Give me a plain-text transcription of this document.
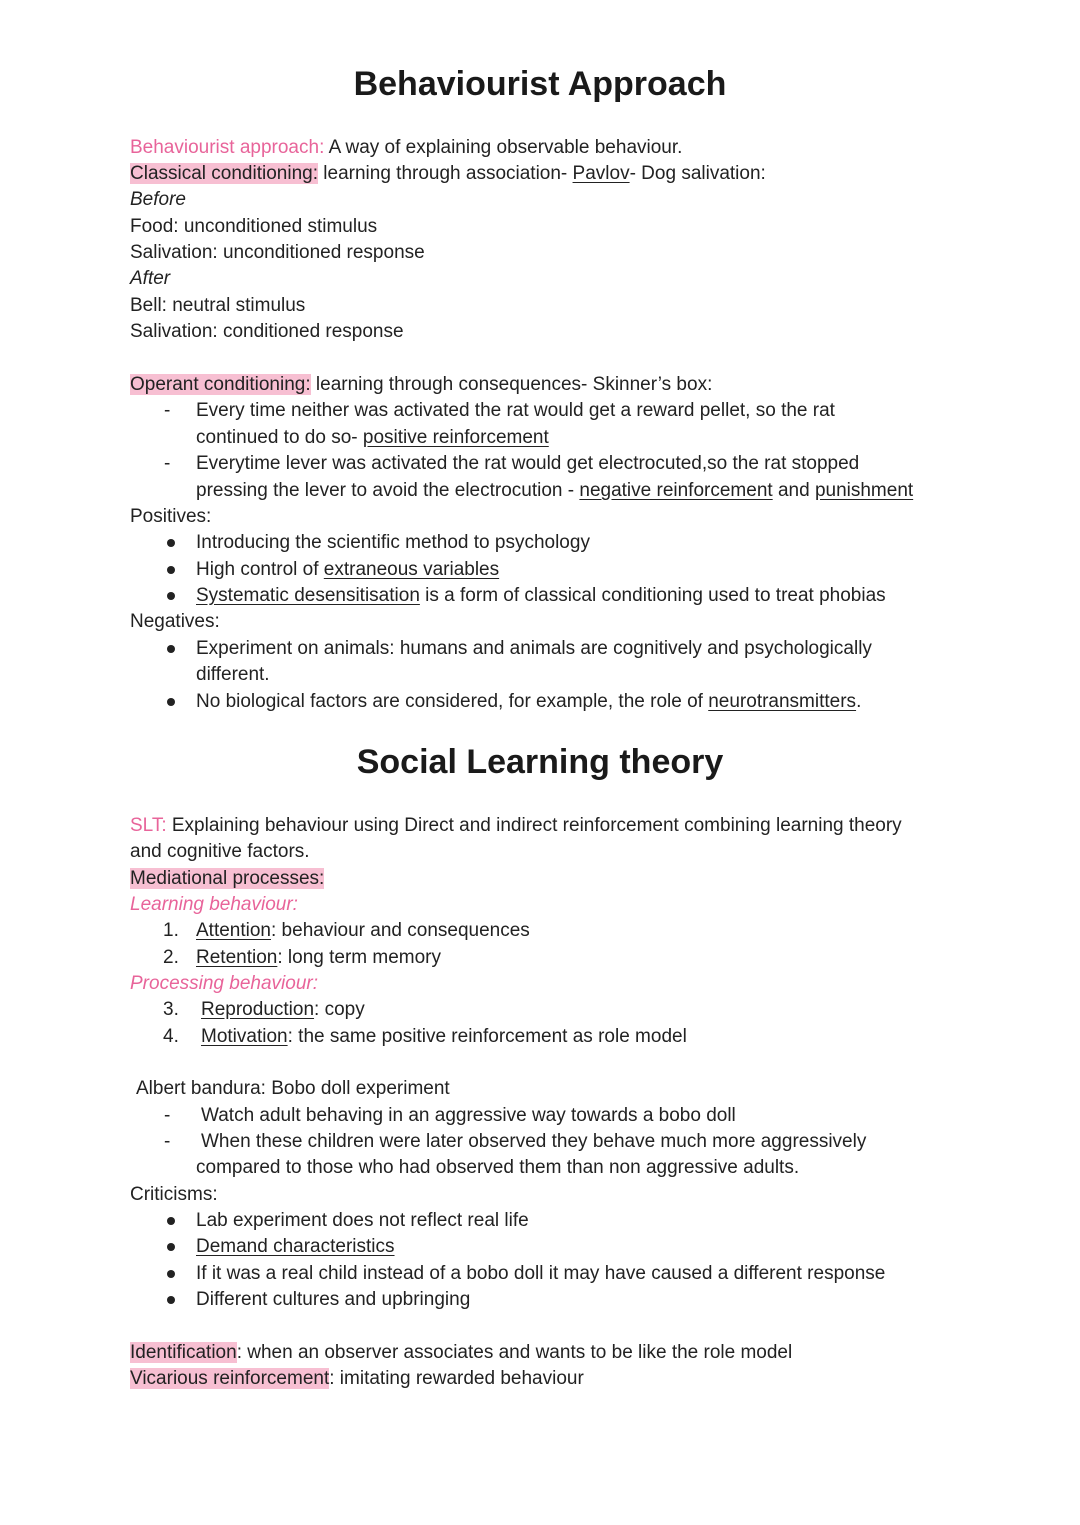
Behaviourist Approach
Behaviourist approach: A way of explaining observable behaviour.
Classical conditioning: learning through association- Pavlov- Dog salivation:
Before
Food: unconditioned stimulus
Salivation: unconditioned response
After
Bell: neutral stimulus
Salivation: conditioned response
Operant conditioning: learning through consequences- Skinner’s box:
- Every time neither was activated the rat would get a reward pellet, so the rat
continued to do so- positive reinforcement
- Everytime lever was activated the rat would get electrocuted,so the rat stopped
pressing the lever to avoid the electrocution - negative reinforcement and punishment
Positives:
Introducing the scientific method to psychology
High control of extraneous variables
Systematic desensitisation is a form of classical conditioning used to treat phobias
Negatives:
Experiment on animals: humans and animals are cognitively and psychologically
different.
No biological factors are considered, for example, the role of neurotransmitters.
Social Learning theory
SLT: Explaining behaviour using Direct and indirect reinforcement combining learning theory
and cognitive factors.
Mediational processes:
Learning behaviour:
1. Attention: behaviour and consequences
2. Retention: long term memory
Processing behaviour:
3. Reproduction: copy
4. Motivation: the same positive reinforcement as role model
Albert bandura: Bobo doll experiment
- Watch adult behaving in an aggressive way towards a bobo doll
- When these children were later observed they behave much more aggressively
compared to those who had observed them than non aggressive adults.
Criticisms:
Lab experiment does not reflect real life
Demand characteristics
If it was a real child instead of a bobo doll it may have caused a different response
Different cultures and upbringing
Identification: when an observer associates and wants to be like the role model
Vicarious reinforcement: imitating rewarded behaviour
